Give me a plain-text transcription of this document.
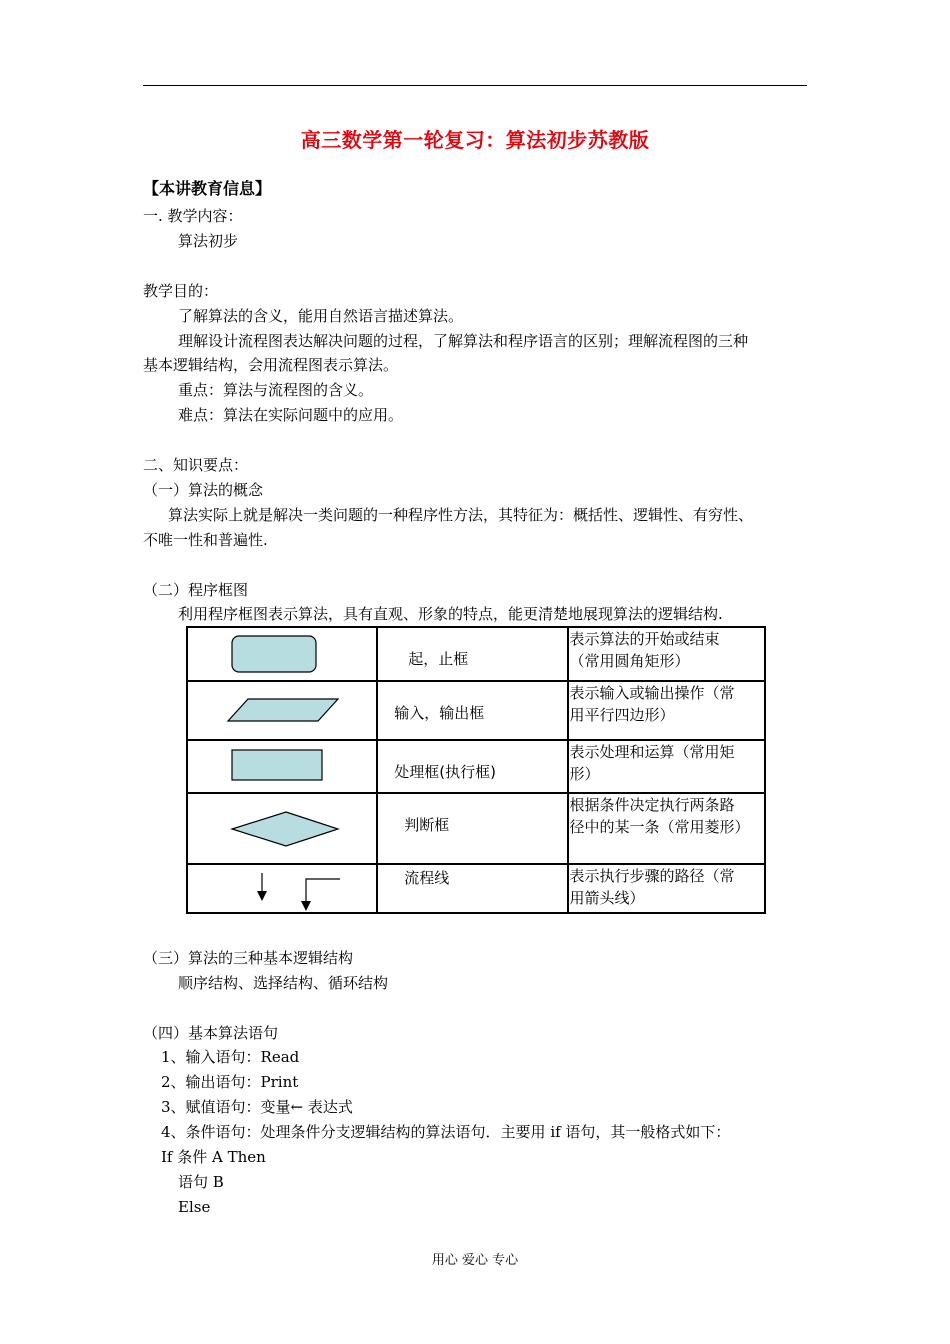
高三数学第一轮复习：算法初步苏教版
【本讲教育信息】
一. 教学内容：
算法初步
教学目的：
了解算法的含义，能用自然语言描述算法。
理解设计流程图表达解决问题的过程，了解算法和程序语言的区别；理解流程图的三种
基本逻辑结构，会用流程图表示算法。
重点：算法与流程图的含义。
难点：算法在实际问题中的应用。
二、知识要点：
（一）算法的概念
算法实际上就是解决一类问题的一种程序性方法，其特征为：概括性、逻辑性、有穷性、
不唯一性和普遍性.
（二）程序框图
利用程序框图表示算法，具有直观、形象的特点，能更清楚地展现算法的逻辑结构.

起，止框	表示算法的开始或结束
（常用圆角矩形）

输入，输出框	表示输入或输出操作（常
用平行四边形）

处理框(执行框)	表示处理和运算（常用矩
形）

判断框	根据条件决定执行两条路
径中的某一条（常用菱形）

流程线	表示执行步骤的路径（常
用箭头线）
（三）算法的三种基本逻辑结构
顺序结构、选择结构、循环结构
（四）基本算法语句
1、输入语句：Read
2、输出语句：Print
3、赋值语句：变量← 表达式
4、条件语句：处理条件分支逻辑结构的算法语句．主要用 if 语句，其一般格式如下：
If 条件 A Then
语句 B
Else
用心 爱心 专心
